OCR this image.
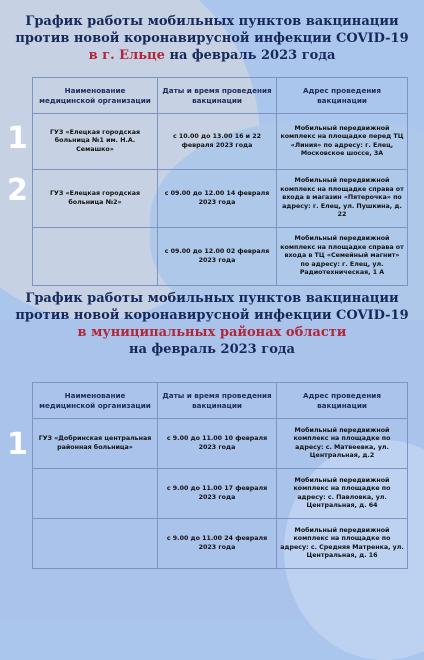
График работы мобильных пунктов вакцинации
против новой коронавирусной инфекции COVID-19
в г. Ельце на февраль 2023 года
1
2
Наименование медицинской организации	Даты и время проведения вакцинации	Адрес проведения вакцинации
ГУЗ «Елецкая городская больница №1 им. Н.А. Семашко»	с 10.00 до 13.00 16 и 22 февраля 2023 года	Мобильный передвижной комплекс на площадке перед ТЦ «Линия» по адресу: г. Елец, Московское шоссе, 3А
ГУЗ «Елецкая городская больница №2»	с 09.00 до 12.00 14 февраля 2023 года	Мобильный передвижной комплекс на площадке справа от входа в магазин «Пятерочка» по адресу: г. Елец, ул. Пушкина, д. 22
	с 09.00 до 12.00 02 февраля 2023 года	Мобильный передвижной комплекс на площадке справа от входа в ТЦ «Семейный магнит» по адресу: г. Елец, ул. Радиотехническая, 1 А
График работы мобильных пунктов вакцинации
против новой коронавирусной инфекции COVID-19
в муниципальных районах области
на февраль 2023 года
1
Наименование медицинской организации	Даты и время проведения вакцинации	Адрес проведения вакцинации
ГУЗ «Добринская центральная районная больница»	с 9.00 до 11.00 10 февраля 2023 года	Мобильный передвижной комплекс на площадке по адресу: с. Матвеевка, ул. Центральная, д.2
	с 9.00 до 11.00 17 февраля 2023 года	Мобильный передвижной комплекс на площадке по адресу: с. Павловка, ул. Центральная, д. 64
	с 9.00 до 11.00 24 февраля 2023 года	Мобильный передвижной комплекс на площадке по адресу: с. Средняя Матренка, ул. Центральная, д. 16
